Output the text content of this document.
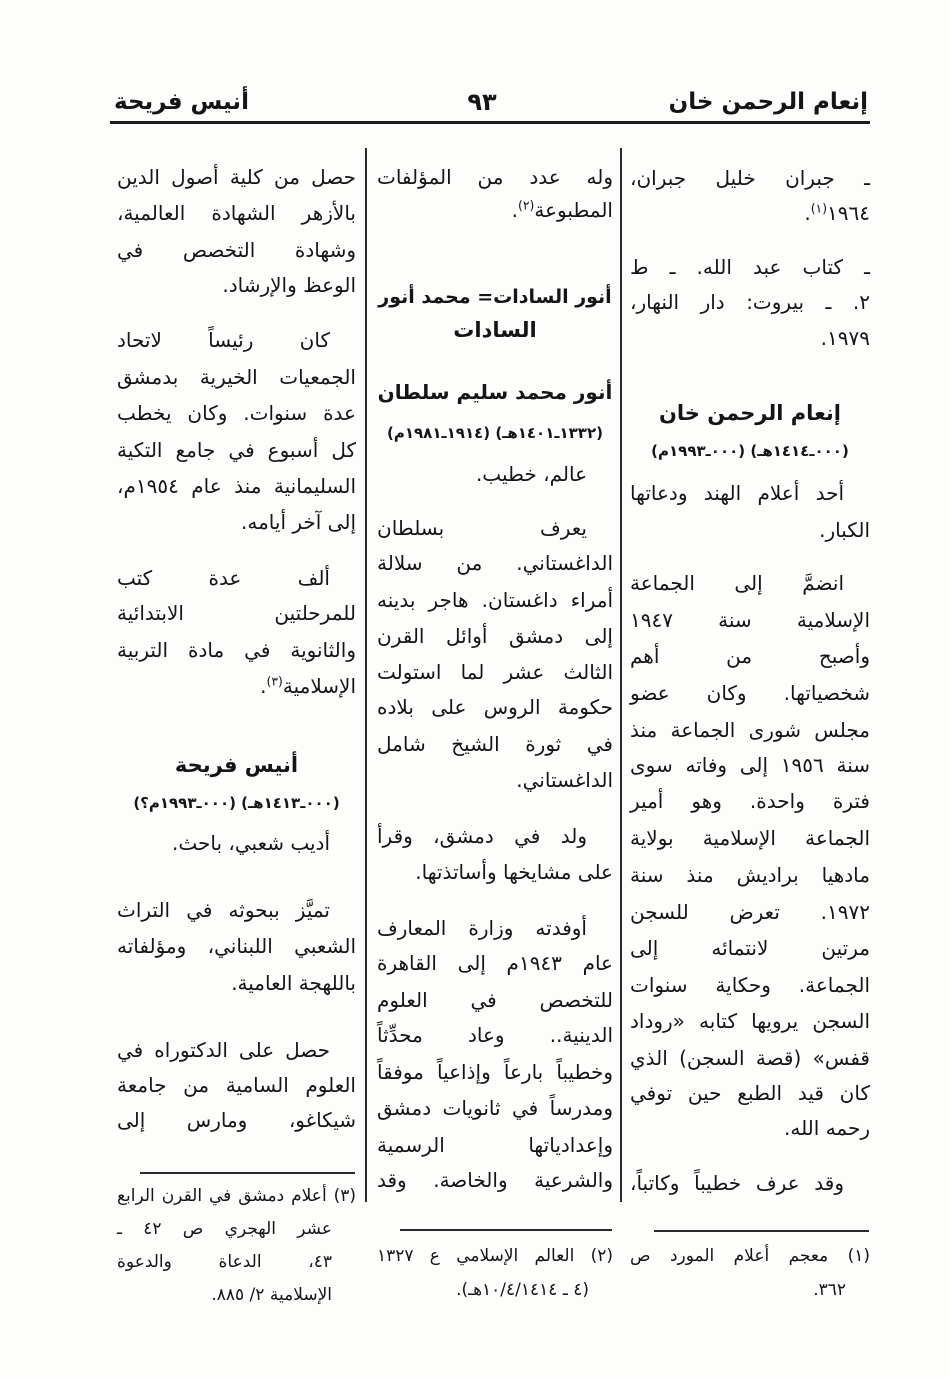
إنعام الرحمن خان
٩٣
أنيس فريحة
ـ جبران خليل جبران،
١٩٦٤$^{(١)}$.
ـ كتاب عبد الله. ـ ط
٢. ـ بيروت: دار النهار،
١٩٧٩.
إنعام الرحمن خان
(٠٠٠ـ١٤١٤هـ) (٠٠٠ـ١٩٩٣م)
أحد أعلام الهند ودعاتها
الكبار.
انضمَّ إلى الجماعة
الإسلامية سنة ١٩٤٧
وأصبح من أهم
شخصياتها. وكان عضو
مجلس شورى الجماعة منذ
سنة ١٩٥٦ إلى وفاته سوى
فترة واحدة. وهو أمير
الجماعة الإسلامية بولاية
مادهيا براديش منذ سنة
١٩٧٢. تعرض للسجن
مرتين لانتمائه إلى
الجماعة. وحكاية سنوات
السجن يرويها كتابه «روداد
قفس» (قصة السجن) الذي
كان قيد الطبع حين توفي
رحمه الله.
وقد عرف خطيباً وكاتباً،
(١) معجم أعلام المورد ص
٣٦٢.
وله عدد من المؤلفات
المطبوعة$^{(٢)}$.
أنور السادات= محمد أنور
السادات
أنور محمد سليم سلطان
(١٣٣٢ـ١٤٠١هـ) (١٩١٤ـ١٩٨١م)
عالم، خطيب.
يعرف بسلطان
الداغستاني. من سلالة
أمراء داغستان. هاجر بدينه
إلى دمشق أوائل القرن
الثالث عشر لما استولت
حكومة الروس على بلاده
في ثورة الشيخ شامل
الداغستاني.
ولد في دمشق، وقرأ
على مشايخها وأساتذتها.
أوفدته وزارة المعارف
عام ١٩٤٣م إلى القاهرة
للتخصص في العلوم
الدينية.. وعاد محدِّثاً
وخطيباً بارعاً وإذاعياً موفقاً
ومدرساً في ثانويات دمشق
وإعدادياتها الرسمية
والشرعية والخاصة. وقد
(٢) العالم الإسلامي ع ١٣٢٧
(٤ ـ ١٠/٤/١٤١٤هـ).
حصل من كلية أصول الدين
بالأزهر الشهادة العالمية،
وشهادة التخصص في
الوعظ والإرشاد.
كان رئيساً لاتحاد
الجمعيات الخيرية بدمشق
عدة سنوات. وكان يخطب
كل أسبوع في جامع التكية
السليمانية منذ عام ١٩٥٤م،
إلى آخر أيامه.
ألف عدة كتب
للمرحلتين الابتدائية
والثانوية في مادة التربية
الإسلامية$^{(٣)}$.
أنيس فريحة
(٠٠٠ـ١٤١٣هـ) (٠٠٠ـ١٩٩٣م؟)
أديب شعبي، باحث.
تميَّز ببحوثه في التراث
الشعبي اللبناني، ومؤلفاته
باللهجة العامية.
حصل على الدكتوراه في
العلوم السامية من جامعة
شيكاغو، ومارس إلى
(٣) أعلام دمشق في القرن الرابع
عشر الهجري ص ٤٢ ـ
٤٣، الدعاة والدعوة
الإسلامية ٢/ ٨٨٥.
